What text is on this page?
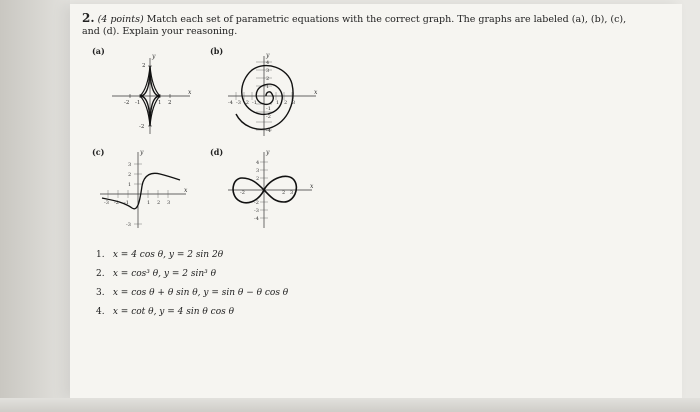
2. (4 points) Match each set of parametric equations with the correct graph. The graphs are labeled (a), (b), (c), and (d). Explain your reasoning.
(a)	(b)
(c)	(d)
x
y
-2 -1	1 2
2
-2
x
y
-4 -3 -2 -1	1 2 3
4
3
2
1
-1
-2
-4
x
y
-3 -2 -1	1 2 3
3
2
1
-3
x
y
-2	2 3
4
3
2
-2
-3
-4
1. x = 4 cos θ, y = 2 sin 2θ
2. x = cos³ θ, y = 2 sin³ θ
3. x = cos θ + θ sin θ, y = sin θ − θ cos θ
4. x = cot θ, y = 4 sin θ cos θ
